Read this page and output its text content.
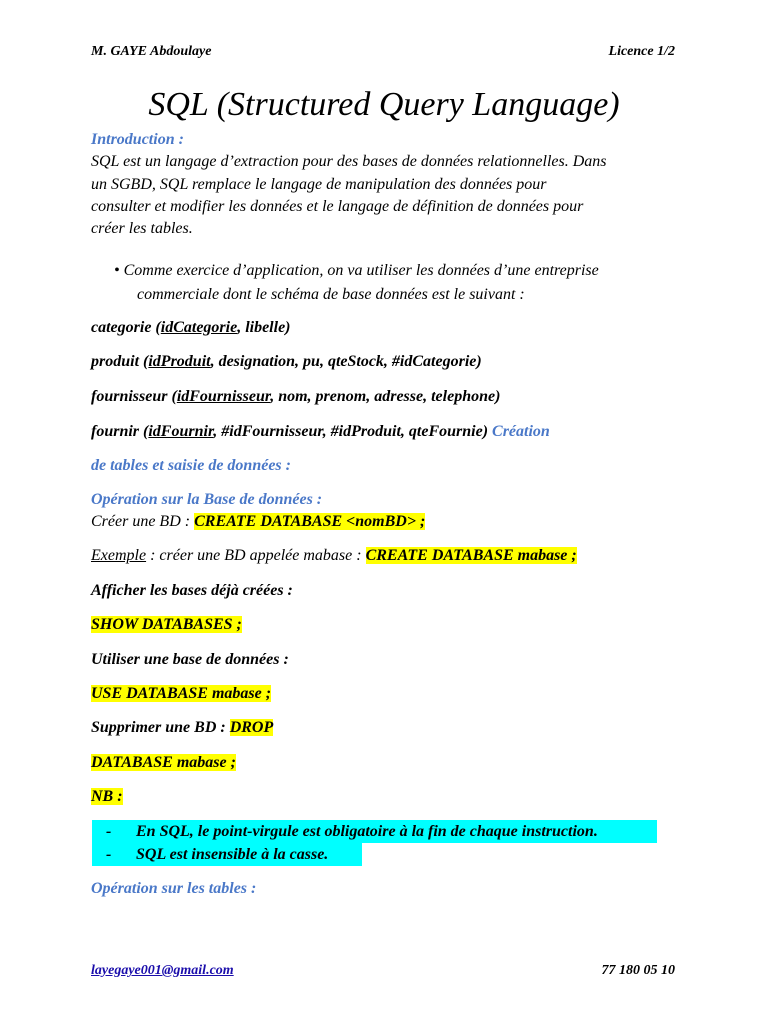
M. GAYE Abdoulaye	Licence 1/2
SQL (Structured Query Language)
Introduction :
SQL est un langage d’extraction pour des bases de données relationnelles. Dans
un SGBD, SQL remplace le langage de manipulation des données pour
consulter et modifier les données et le langage de définition de données pour
créer les tables.
• Comme exercice d’application, on va utiliser les données d’une entreprise
commerciale dont le schéma de base données est le suivant :
categorie (idCategorie, libelle)
produit (idProduit, designation, pu, qteStock, #idCategorie)
fournisseur (idFournisseur, nom, prenom, adresse, telephone)
fournir (idFournir, #idFournisseur, #idProduit, qteFournie) Création
de tables et saisie de données :
Opération sur la Base de données :
Créer une BD : CREATE DATABASE <nomBD> ;
Exemple : créer une BD appelée mabase : CREATE DATABASE mabase ;
Afficher les bases déjà créées :
SHOW DATABASES ;
Utiliser une base de données :
USE DATABASE mabase ;
Supprimer une BD : DROP
DATABASE mabase ;
NB :
- En SQL, le point-virgule est obligatoire à la fin de chaque instruction.
- SQL est insensible à la casse.
Opération sur les tables :
layegaye001@gmail.com	77 180 05 10
